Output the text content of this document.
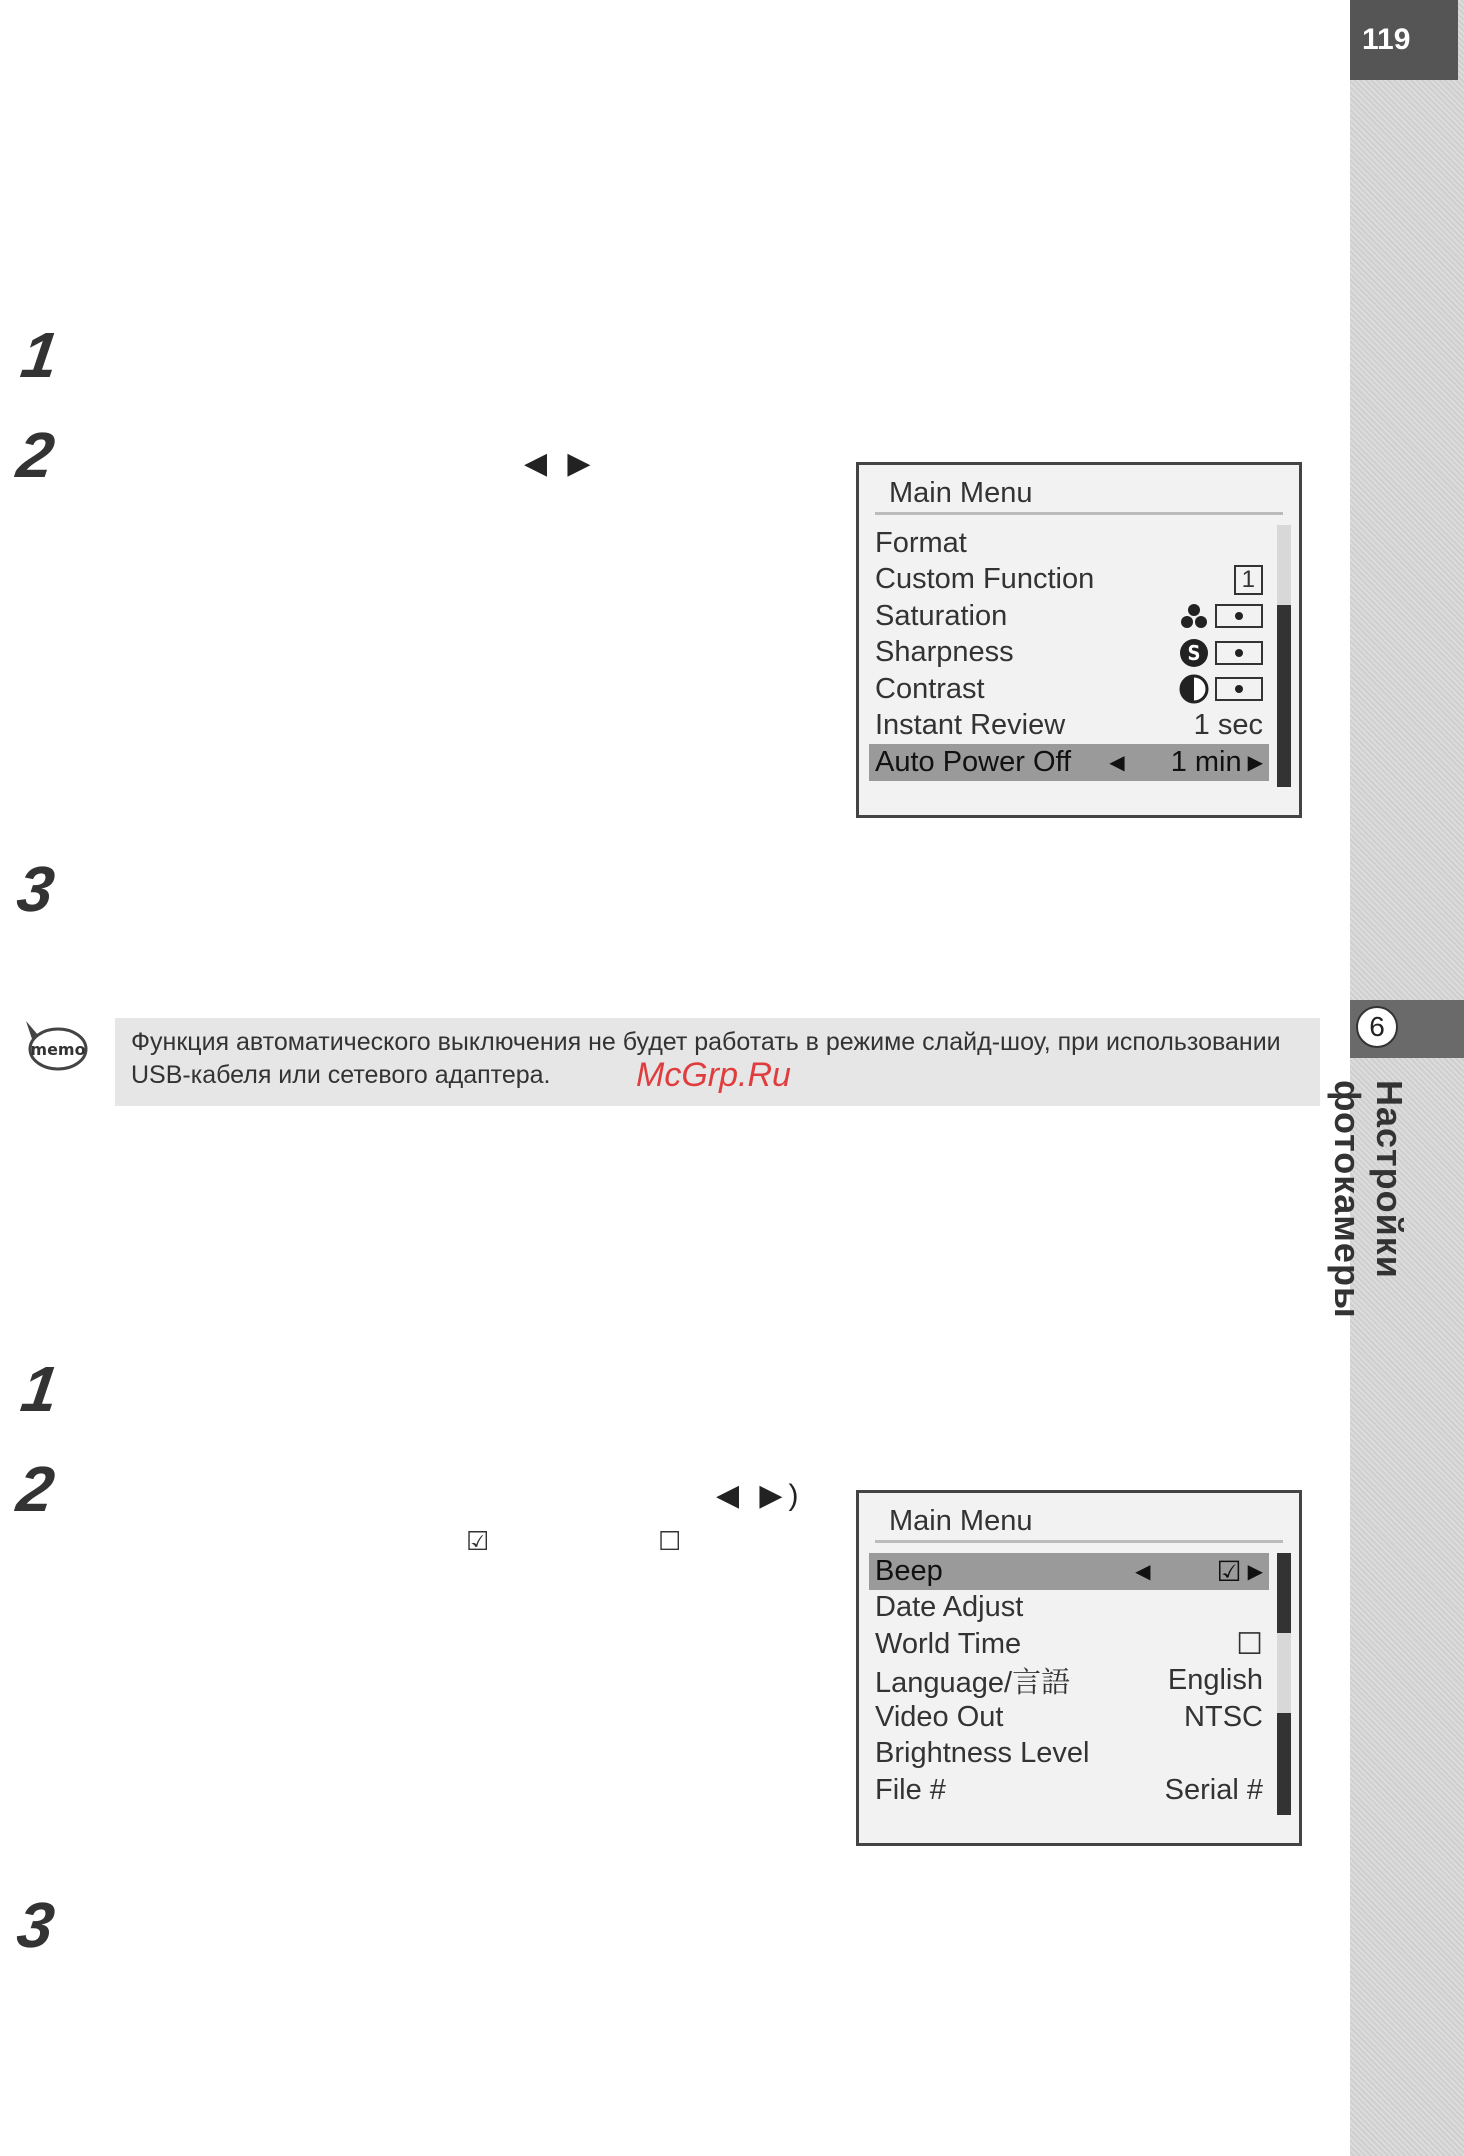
119
6
Настройки фотокамеры
1
2	◀ ▶
3
Main Menu
Format
Custom Function	1
Saturation
Sharpness	S
Contrast
Instant Review	1 sec
Auto Power Off ◀ 1 min ▶
memo	Функция автоматического выключения не будет работать в режиме слайд-шоу, при использовании USB-кабеля или сетевого адаптера.	McGrp.Ru
1
2	◀ ▶)
☑	☐
3
Main Menu
Beep	◀ ☑ ▶
Date Adjust
World Time	☐
Language/言語	English
Video Out	NTSC
Brightness Level
File #	Serial #
